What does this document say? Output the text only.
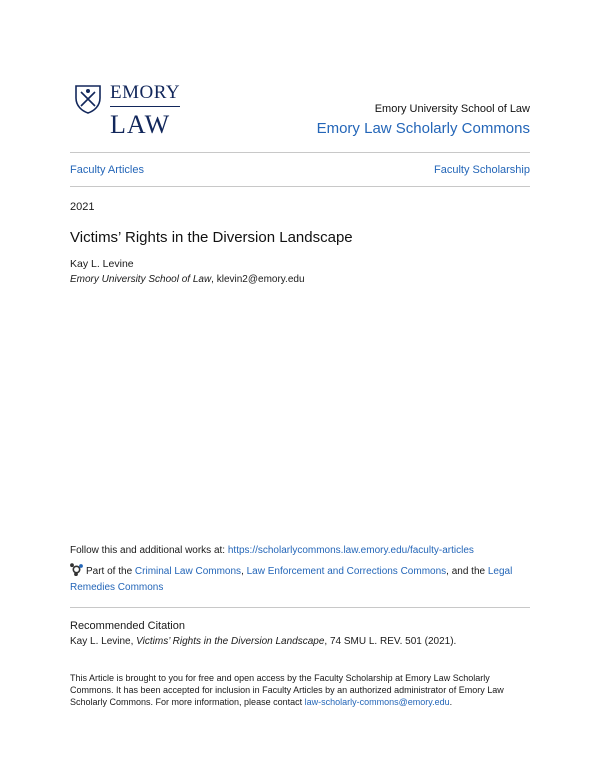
EMORY
LAW
Emory University School of Law
Emory Law Scholarly Commons
Faculty Articles	Faculty Scholarship
2021
Victims’ Rights in the Diversion Landscape
Kay L. Levine
Emory University School of Law, klevin2@emory.edu
Follow this and additional works at: https://scholarlycommons.law.emory.edu/faculty-articles
Part of the Criminal Law Commons, Law Enforcement and Corrections Commons, and the Legal Remedies Commons
Recommended Citation
Kay L. Levine, Victims’ Rights in the Diversion Landscape, 74 SMU L. REV. 501 (2021).
This Article is brought to you for free and open access by the Faculty Scholarship at Emory Law Scholarly Commons. It has been accepted for inclusion in Faculty Articles by an authorized administrator of Emory Law Scholarly Commons. For more information, please contact law-scholarly-commons@emory.edu.
